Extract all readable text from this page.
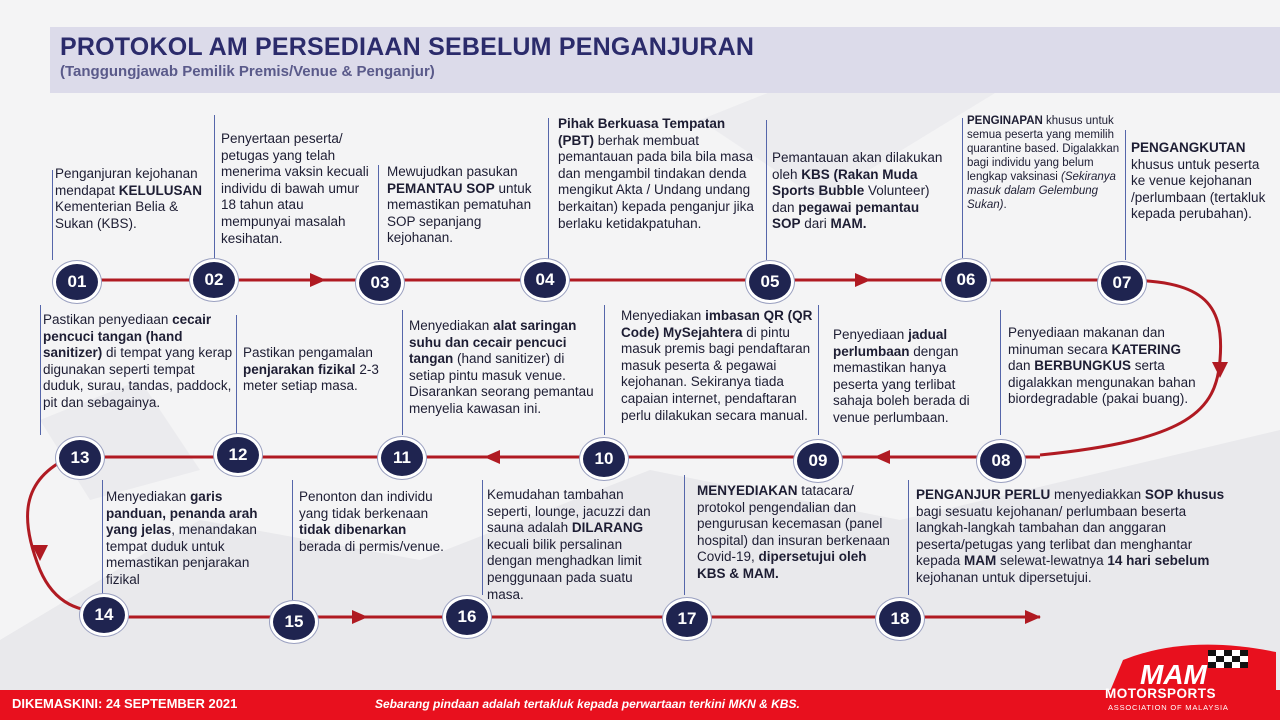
PROTOKOL AM PERSEDIAAN SEBELUM PENGANJURAN
(Tanggungjawab Pemilik Premis/Venue & Penganjur)
Penganjuran kejohanan mendapat KELULUSAN Kementerian Belia & Sukan (KBS).
Penyertaan peserta/ petugas yang telah menerima vaksin kecuali individu di bawah umur 18 tahun atau mempunyai masalah kesihatan.
Mewujudkan pasukan PEMANTAU SOP untuk memastikan pematuhan SOP sepanjang kejohanan.
Pihak Berkuasa Tempatan (PBT) berhak membuat pemantauan pada bila bila masa dan mengambil tindakan denda mengikut Akta / Undang undang berkaitan) kepada penganjur jika berlaku ketidakpatuhan.
Pemantauan akan dilakukan oleh KBS (Rakan Muda Sports Bubble Volunteer) dan pegawai pemantau SOP dari MAM.
PENGINAPAN khusus untuk semua peserta yang memilih quarantine based. Digalakkan bagi individu yang belum lengkap vaksinasi (Sekiranya masuk dalam Gelembung Sukan).
PENGANGKUTAN khusus untuk peserta ke venue kejohanan /perlumbaan (tertakluk kepada perubahan).
Penyediaan makanan dan minuman secara KATERING dan BERBUNGKUS serta digalakkan mengunakan bahan biordegradable (pakai buang).
Penyediaan jadual perlumbaan dengan memastikan hanya peserta yang terlibat sahaja boleh berada di venue perlumbaan.
Menyediakan imbasan QR (QR Code) MySejahtera di pintu masuk premis bagi pendaftaran masuk peserta & pegawai kejohanan. Sekiranya tiada capaian internet, pendaftaran perlu dilakukan secara manual.
Menyediakan alat saringan suhu dan cecair pencuci tangan (hand sanitizer) di setiap pintu masuk venue. Disarankan seorang pemantau menyelia kawasan ini.
Pastikan pengamalan penjarakan fizikal 2-3 meter setiap masa.
Pastikan penyediaan cecair pencuci tangan (hand sanitizer) di tempat yang kerap digunakan seperti tempat duduk, surau, tandas, paddock, pit dan sebagainya.
Menyediakan garis panduan, penanda arah yang jelas, menandakan tempat duduk untuk memastikan penjarakan fizikal
Penonton dan individu yang tidak berkenaan tidak dibenarkan berada di permis/venue.
Kemudahan tambahan seperti, lounge, jacuzzi dan sauna adalah DILARANG kecuali bilik persalinan dengan menghadkan limit penggunaan pada suatu masa.
MENYEDIAKAN tatacara/ protokol pengendalian dan pengurusan kecemasan (panel hospital) dan insuran berkenaan Covid-19, dipersetujui oleh KBS & MAM.
PENGANJUR PERLU menyediakkan SOP khusus bagi sesuatu kejohanan/ perlumbaan beserta langkah-langkah tambahan dan anggaran peserta/petugas yang terlibat dan menghantar kepada MAM selewat-lewatnya 14 hari sebelum kejohanan untuk dipersetujui.
01	02	03	04	05	06	07
08
09
10
11
12
13
14	15	16	17	18
DIKEMASKINI: 24 SEPTEMBER 2021	Sebarang pindaan adalah tertakluk kepada perwartaan terkini MKN & KBS.
MAM
MOTORSPORTS
ASSOCIATION OF MALAYSIA
